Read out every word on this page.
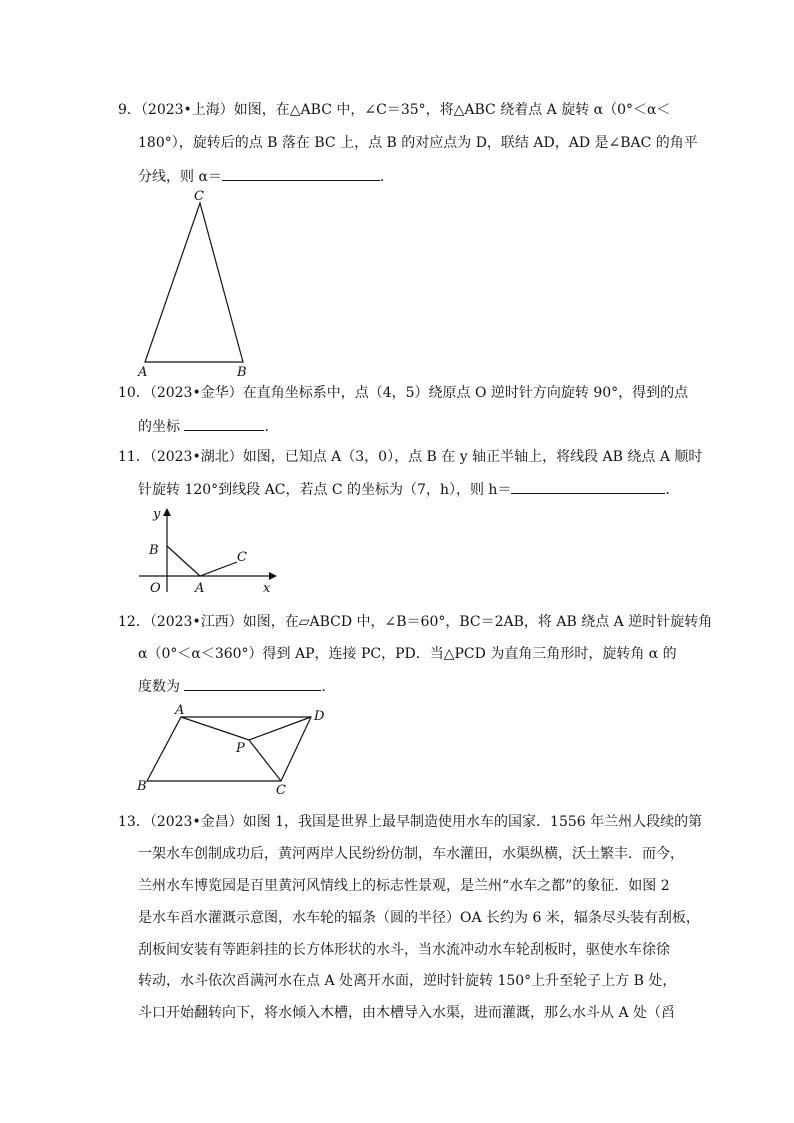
9．（2023•上海）如图，在△ABC 中，∠C＝35°，将△ABC 绕着点 A 旋转 α（0°＜α＜
180°），旋转后的点 B 落在 BC 上，点 B 的对应点为 D，联结 AD，AD 是∠BAC 的角平
分线，则 α＝	．
C
A	B
10．（2023•金华）在直角坐标系中，点（4，5）绕原点 O 逆时针方向旋转 90°，得到的点
的坐标	．
11．（2023•湖北）如图，已知点 A（3，0），点 B 在 y 轴正半轴上，将线段 AB 绕点 A 顺时
针旋转 120°到线段 AC，若点 C 的坐标为（7，h），则 h＝	．
y
x
O	A
B	C
12．（2023•江西）如图，在▱ABCD 中，∠B＝60°，BC＝2AB，将 AB 绕点 A 逆时针旋转角
α（0°＜α＜360°）得到 AP，连接 PC，PD．当△PCD 为直角三角形时，旋转角 α 的
度数为	．
A	D
P
B	C
13．（2023•金昌）如图 1，我国是世界上最早制造使用水车的国家．1556 年兰州人段续的第
一架水车创制成功后，黄河两岸人民纷纷仿制，车水灌田，水渠纵横，沃土繁丰．而今，
兰州水车博览园是百里黄河风情线上的标志性景观，是兰州“水车之都”的象征．如图 2
是水车舀水灌溉示意图，水车轮的辐条（圆的半径）OA 长约为 6 米，辐条尽头装有刮板，
刮板间安装有等距斜挂的长方体形状的水斗，当水流冲动水车轮刮板时，驱使水车徐徐
转动，水斗依次舀满河水在点 A 处离开水面，逆时针旋转 150°上升至轮子上方 B 处，
斗口开始翻转向下，将水倾入木槽，由木槽导入水渠，进而灌溉，那么水斗从 A 处（舀
